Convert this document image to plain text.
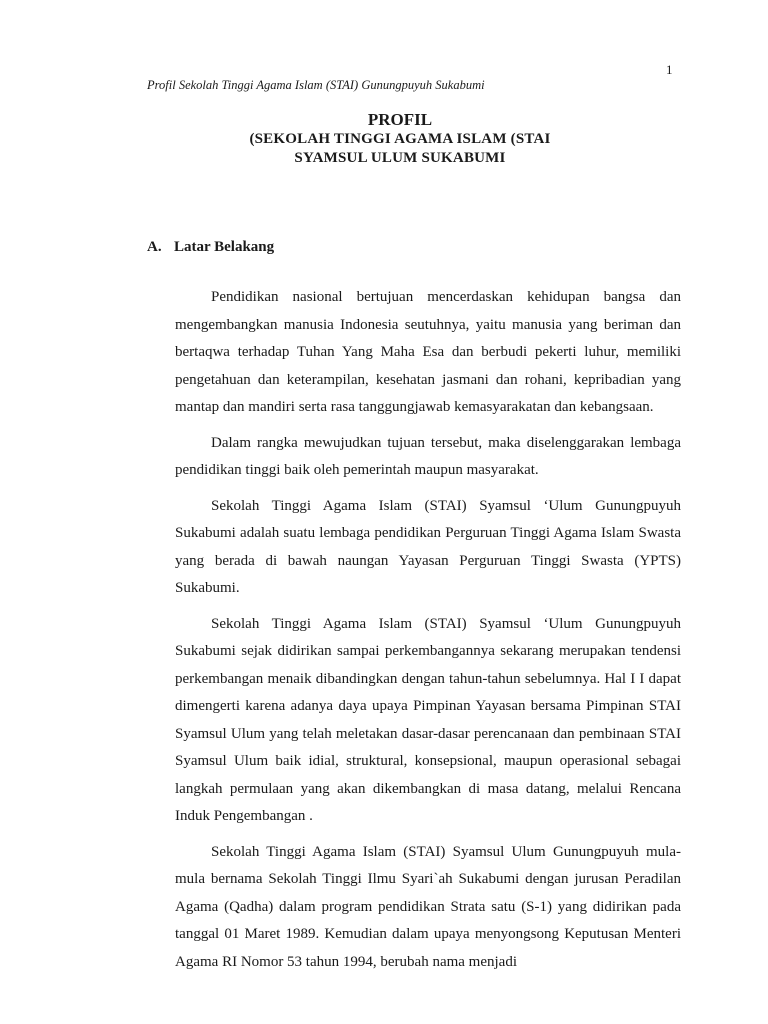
1
Profil Sekolah Tinggi Agama Islam (STAI) Gunungpuyuh Sukabumi
PROFIL
(SEKOLAH TINGGI AGAMA ISLAM (STAI
SYAMSUL ULUM SUKABUMI
A. Latar Belakang

Pendidikan nasional bertujuan mencerdaskan kehidupan bangsa dan mengembangkan manusia Indonesia seutuhnya, yaitu manusia yang beriman dan bertaqwa terhadap Tuhan Yang Maha Esa dan berbudi pekerti luhur, memiliki pengetahuan dan keterampilan, kesehatan jasmani dan rohani, kepribadian yang mantap dan mandiri serta rasa tanggungjawab kemasyarakatan dan kebangsaan.

Dalam rangka mewujudkan tujuan tersebut, maka diselenggarakan lembaga pendidikan tinggi baik oleh pemerintah maupun masyarakat.

Sekolah Tinggi Agama Islam (STAI) Syamsul ‘Ulum Gunungpuyuh Sukabumi adalah suatu lembaga pendidikan Perguruan Tinggi Agama Islam Swasta yang berada di bawah naungan Yayasan Perguruan Tinggi Swasta (YPTS) Sukabumi.

Sekolah Tinggi Agama Islam (STAI) Syamsul ‘Ulum Gunungpuyuh Sukabumi sejak didirikan sampai perkembangannya sekarang merupakan tendensi perkembangan menaik dibandingkan dengan tahun-tahun sebelumnya. Hal I I dapat dimengerti karena adanya daya upaya Pimpinan Yayasan bersama Pimpinan STAI Syamsul Ulum yang telah meletakan dasar-dasar perencanaan dan pembinaan STAI Syamsul Ulum baik idial, struktural, konsepsional, maupun operasional sebagai langkah permulaan yang akan dikembangkan di masa datang, melalui Rencana Induk Pengembangan .

Sekolah Tinggi Agama Islam (STAI) Syamsul Ulum Gunungpuyuh mula-mula bernama Sekolah Tinggi Ilmu Syari`ah Sukabumi dengan jurusan Peradilan Agama (Qadha) dalam program pendidikan Strata satu (S-1) yang didirikan pada tanggal 01 Maret 1989. Kemudian dalam upaya menyongsong Keputusan Menteri Agama RI Nomor 53 tahun 1994, berubah nama menjadi
